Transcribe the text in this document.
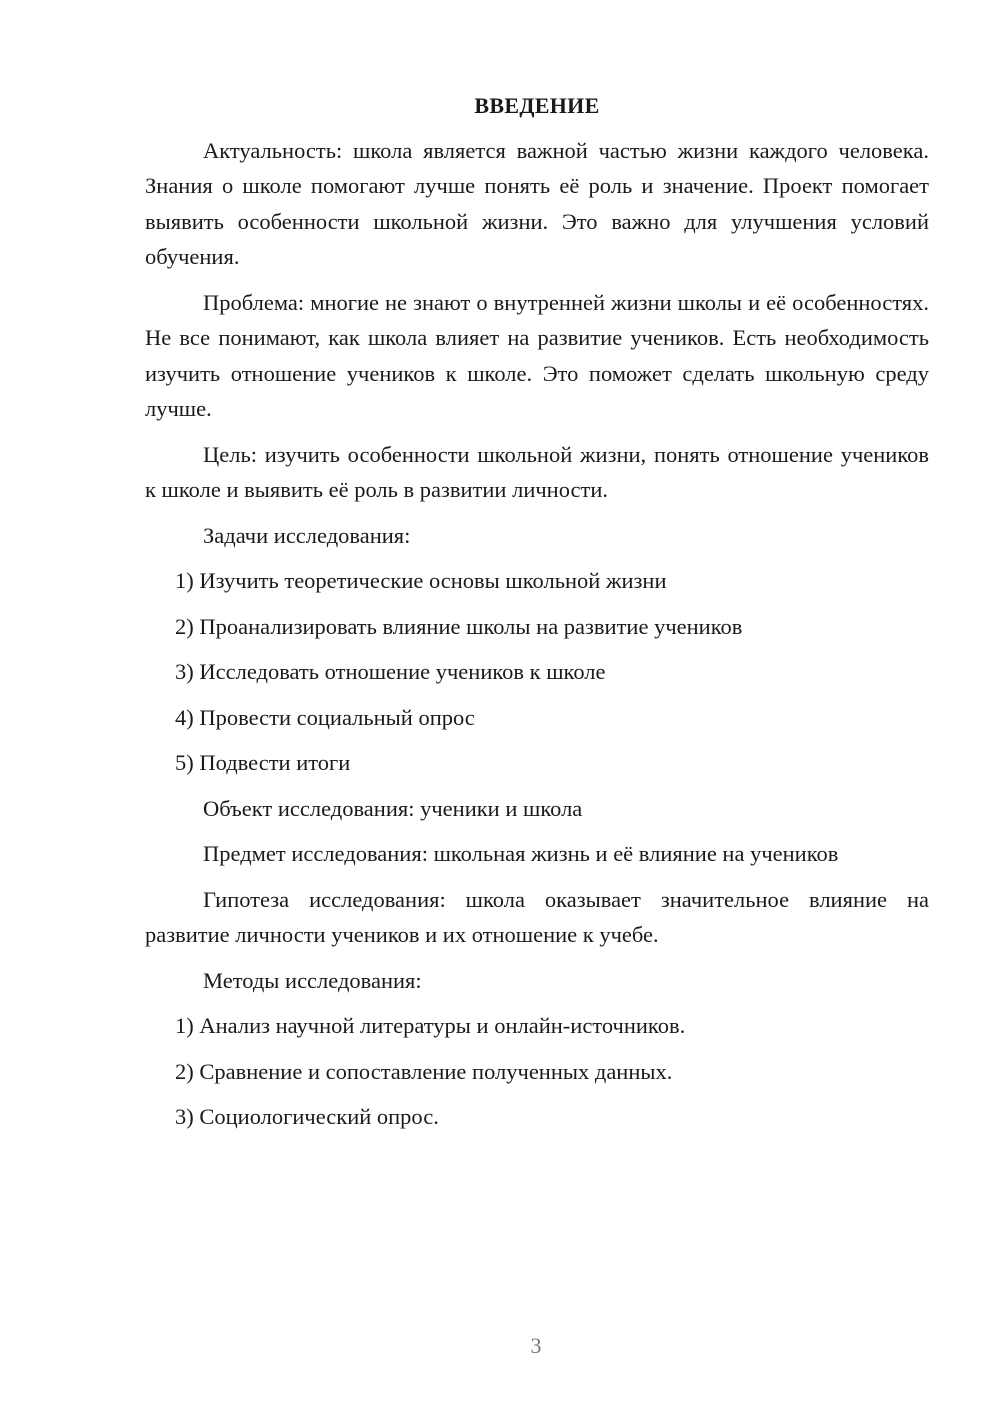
ВВЕДЕНИЕ

Актуальность: школа является важной частью жизни каждого человека. Знания о школе помогают лучше понять её роль и значение. Проект помогает выявить особенности школьной жизни. Это важно для улучшения условий обучения.

Проблема: многие не знают о внутренней жизни школы и её особенностях. Не все понимают, как школа влияет на развитие учеников. Есть необходимость изучить отношение учеников к школе. Это поможет сделать школьную среду лучше.

Цель: изучить особенности школьной жизни, понять отношение учеников к школе и выявить её роль в развитии личности.

Задачи исследования:
1) Изучить теоретические основы школьной жизни
2) Проанализировать влияние школы на развитие учеников
3) Исследовать отношение учеников к школе
4) Провести социальный опрос
5) Подвести итоги
Объект исследования: ученики и школа
Предмет исследования: школьная жизнь и её влияние на учеников

Гипотеза исследования: школа оказывает значительное влияние на развитие личности учеников и их отношение к учебе.

Методы исследования:
1) Анализ научной литературы и онлайн-источников.
2) Сравнение и сопоставление полученных данных.
3) Социологический опрос.
3
